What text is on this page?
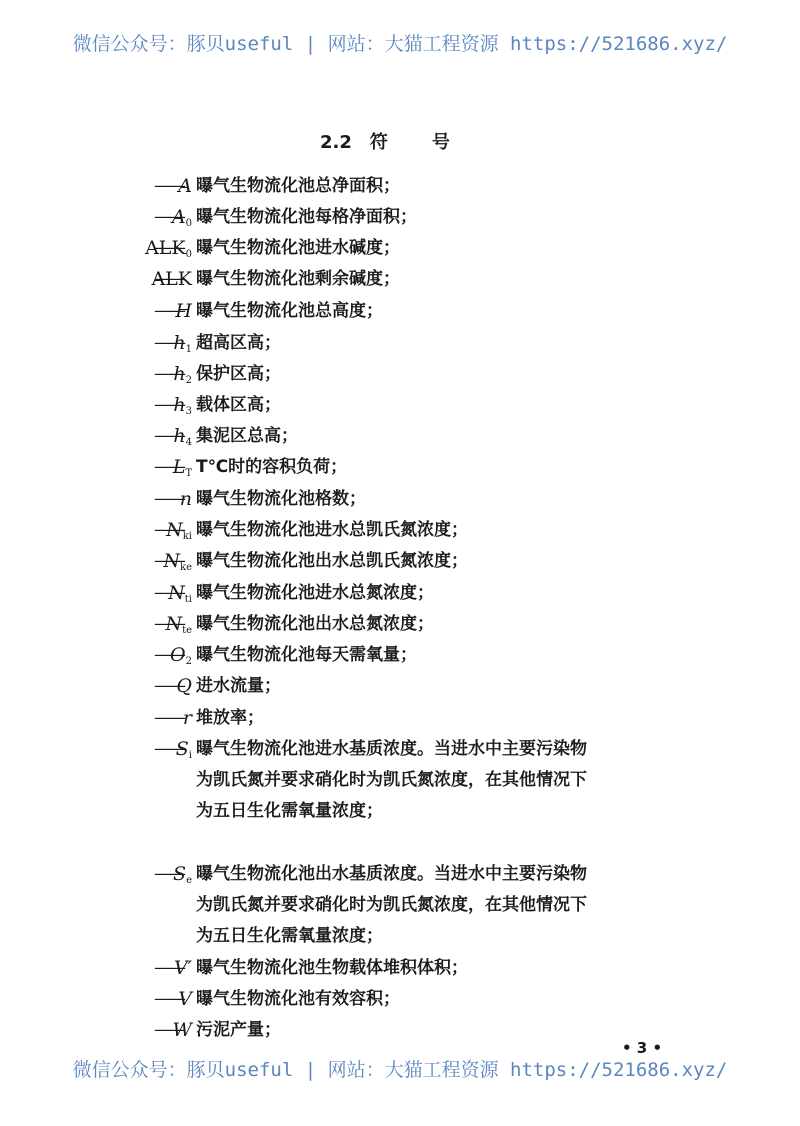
微信公众号：豚贝useful | 网站：大猫工程资源 https://521686.xyz/
2.2 符 号
A —— 曝气生物流化池总净面积；
$A_0$ —— 曝气生物流化池每格净面积；
$ALK_0$ —— 曝气生物流化池进水碱度；
ALK —— 曝气生物流化池剩余碱度；
H —— 曝气生物流化池总高度；
$h_1$ —— 超高区高；
$h_2$ —— 保护区高；
$h_3$ —— 载体区高；
$h_4$ —— 集泥区总高；
$L_T$ —— T℃时的容积负荷；
n —— 曝气生物流化池格数；
$N_{ki}$ —— 曝气生物流化池进水总凯氏氮浓度；
$N_{ke}$ —— 曝气生物流化池出水总凯氏氮浓度；
$N_{ti}$ —— 曝气生物流化池进水总氮浓度；
$N_{te}$ —— 曝气生物流化池出水总氮浓度；
$O_2$ —— 曝气生物流化池每天需氧量；
Q —— 进水流量；
r —— 堆放率；
$S_i$ —— 曝气生物流化池进水基质浓度。当进水中主要污染物
为凯氏氮并要求硝化时为凯氏氮浓度，在其他情况下
为五日生化需氧量浓度；
$S_e$ —— 曝气生物流化池出水基质浓度。当进水中主要污染物
为凯氏氮并要求硝化时为凯氏氮浓度，在其他情况下
为五日生化需氧量浓度；
V′ —— 曝气生物流化池生物载体堆积体积；
V —— 曝气生物流化池有效容积；
W —— 污泥产量；
• 3 •
微信公众号：豚贝useful | 网站：大猫工程资源 https://521686.xyz/
